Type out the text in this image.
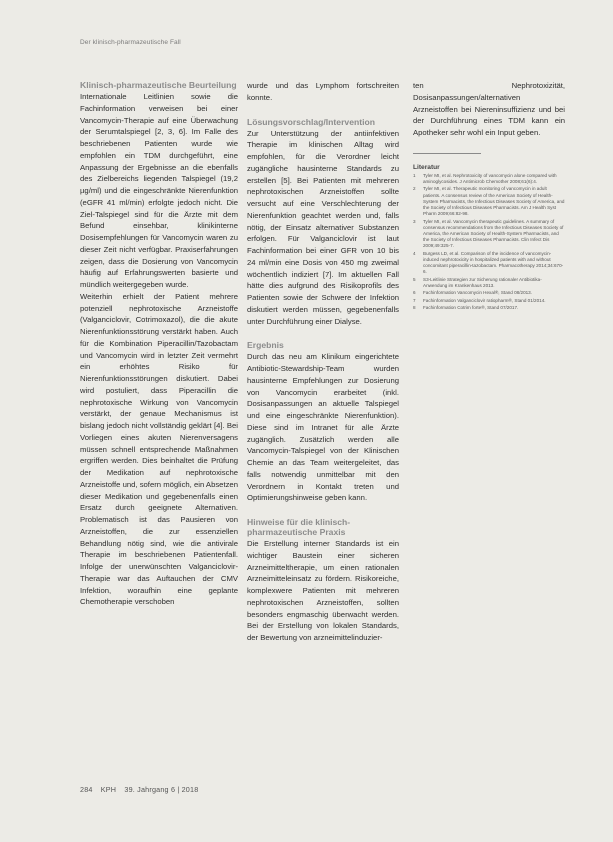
Der klinisch-pharmazeutische Fall
Klinisch-pharmazeutische Beurteilung

Internationale Leitlinien sowie die Fachinformation verweisen bei einer Vancomycin-Therapie auf eine Überwachung der Serumtalspiegel [2, 3, 6]. Im Falle des beschriebenen Patienten wurde wie empfohlen ein TDM durchgeführt, eine Anpassung der Ergebnisse an die ebenfalls des Zielbereichs liegenden Talspiegel (19,2 µg/ml) und die eingeschränkte Nierenfunktion (eGFR 41 ml/min) erfolgte jedoch nicht. Die Ziel-Talspiegel sind für die Ärzte mit dem Befund einsehbar, klinikinterne Dosisempfehlungen für Vancomycin waren zu dieser Zeit nicht verfügbar. Praxiserfahrungen zeigen, dass die Dosierung von Vancomycin häufig auf Erfahrungswerten basierte und mündlich weitergegeben wurde.

Weiterhin erhielt der Patient mehrere potenziell nephrotoxische Arzneistoffe (Valganciclovir, Cotrimoxazol), die die akute Nierenfunktionsstörung verstärkt haben. Auch für die Kombination Piperacillin/Tazobactam und Vancomycin wird in letzter Zeit vermehrt ein erhöhtes Risiko für Nierenfunktionsstörungen diskutiert. Dabei wird postuliert, dass Piperacillin die nephrotoxische Wirkung von Vancomycin verstärkt, der genaue Mechanismus ist bislang jedoch nicht vollständig geklärt [4]. Bei Vorliegen eines akuten Nierenversagens müssen schnell entsprechende Maßnahmen ergriffen werden. Dies beinhaltet die Prüfung der Medikation auf nephrotoxische Arzneistoffe und, sofern möglich, ein Absetzen dieser Medikation und gegebenenfalls einen Ersatz durch geeignete Alternativen. Problematisch ist das Pausieren von Arzneistoffen, die zur essenziellen Behandlung nötig sind, wie die antivirale Therapie im beschriebenen Patientenfall. Infolge der unerwünschten Valganciclovir-Therapie war das Auftauchen der CMV Infektion, woraufhin eine geplante Chemotherapie verschoben

wurde und das Lymphom fortschreiten konnte.

Lösungsvorschlag/Intervention

Zur Unterstützung der antiinfektiven Therapie im klinischen Alltag wird empfohlen, für die Verordner leicht zugängliche hausinterne Standards zu erstellen [5]. Bei Patienten mit mehreren nephrotoxischen Arzneistoffen sollte versucht auf eine Verschlechterung der Nierenfunktion geachtet werden und, falls nötig, der Einsatz alternativer Substanzen erfolgen. Für Valganciclovir ist laut Fachinformation bei einer GFR von 10 bis 24 ml/min eine Dosis von 450 mg zweimal wöchentlich indiziert [7]. Im aktuellen Fall hätte dies aufgrund des Risikoprofils des Patienten sowie der Schwere der Infektion diskutiert werden müssen, gegebenenfalls unter Durchführung einer Dialyse.

Ergebnis

Durch das neu am Klinikum eingerichtete Antibiotic-Stewardship-Team wurden hausinterne Empfehlungen zur Dosierung von Vancomycin erarbeitet (inkl. Dosisanpassungen an aktuelle Talspiegel und eine eingeschränkte Nierenfunktion). Diese sind im Intranet für alle Ärzte zugänglich. Zusätzlich werden alle Vancomycin-Talspiegel von der Klinischen Chemie an das Team weitergeleitet, das falls notwendig unmittelbar mit den Verordnern in Kontakt treten und Optimierungshinweise geben kann.

Hinweise für die klinisch-pharmazeutische Praxis

Die Erstellung interner Standards ist ein wichtiger Baustein einer sicheren Arzneimitteltherapie, um einen rationalen Arzneimitteleinsatz zu fördern. Risikoreiche, komplexwere Patienten mit mehreren nephrotoxischen Arzneistoffen, sollten besonders engmaschig überwacht werden. Bei der Erstellung von lokalen Standards, der Bewertung von arzneimittelinduzier-

ten Nephrotoxizität, Dosisanpassungen/alternativen Arzneistoffen bei Niereninsuffizienz und bei der Durchführung eines TDM kann ein Apotheker sehr wohl ein Input geben.

Literatur
1	Tyler MI, et al. Nephrotoxicity of vancomycin alone compared with aminoglycosides. J Antimicrob Chemother 2008;61(6):4.
2	Tyler MI, et al. Therapeutic monitoring of vancomycin in adult patients. A consensus review of the American Society of Health-System Pharmacists, the Infectious Diseases Society of America, and the Society of Infectious Diseases Pharmacists. Am J Health Syst Pharm 2009;66:82-98.
3	Tyler MI, et al. Vancomycin therapeutic guidelines. A summary of consensus recommendations from the Infectious Diseases Society of America, the American Society of Health-System Pharmacists, and the Society of Infectious Diseases Pharmacists. Clin Infect Dis 2009;49:325-7.
4	Burgess LD, et al. Comparison of the incidence of vancomycin-induced nephrotoxicity in hospitalized patients with and without concomitant piperacillin-tazobactam. Pharmacotherapy 2014;34:670-6.
5	S3-Leitlinie Strategien zur Sicherung rationaler Antibiotika-Anwendung im Krankenhaus 2013.
6	Fachinformation Vancomycin Hexal®, Stand 08/2013.
7	Fachinformation Valganciclovir ratiopharm®, Stand 01/2014.
8	Fachinformation Cotrim forte®, Stand 07/2017.
284 KPH 39. Jahrgang 6 | 2018
